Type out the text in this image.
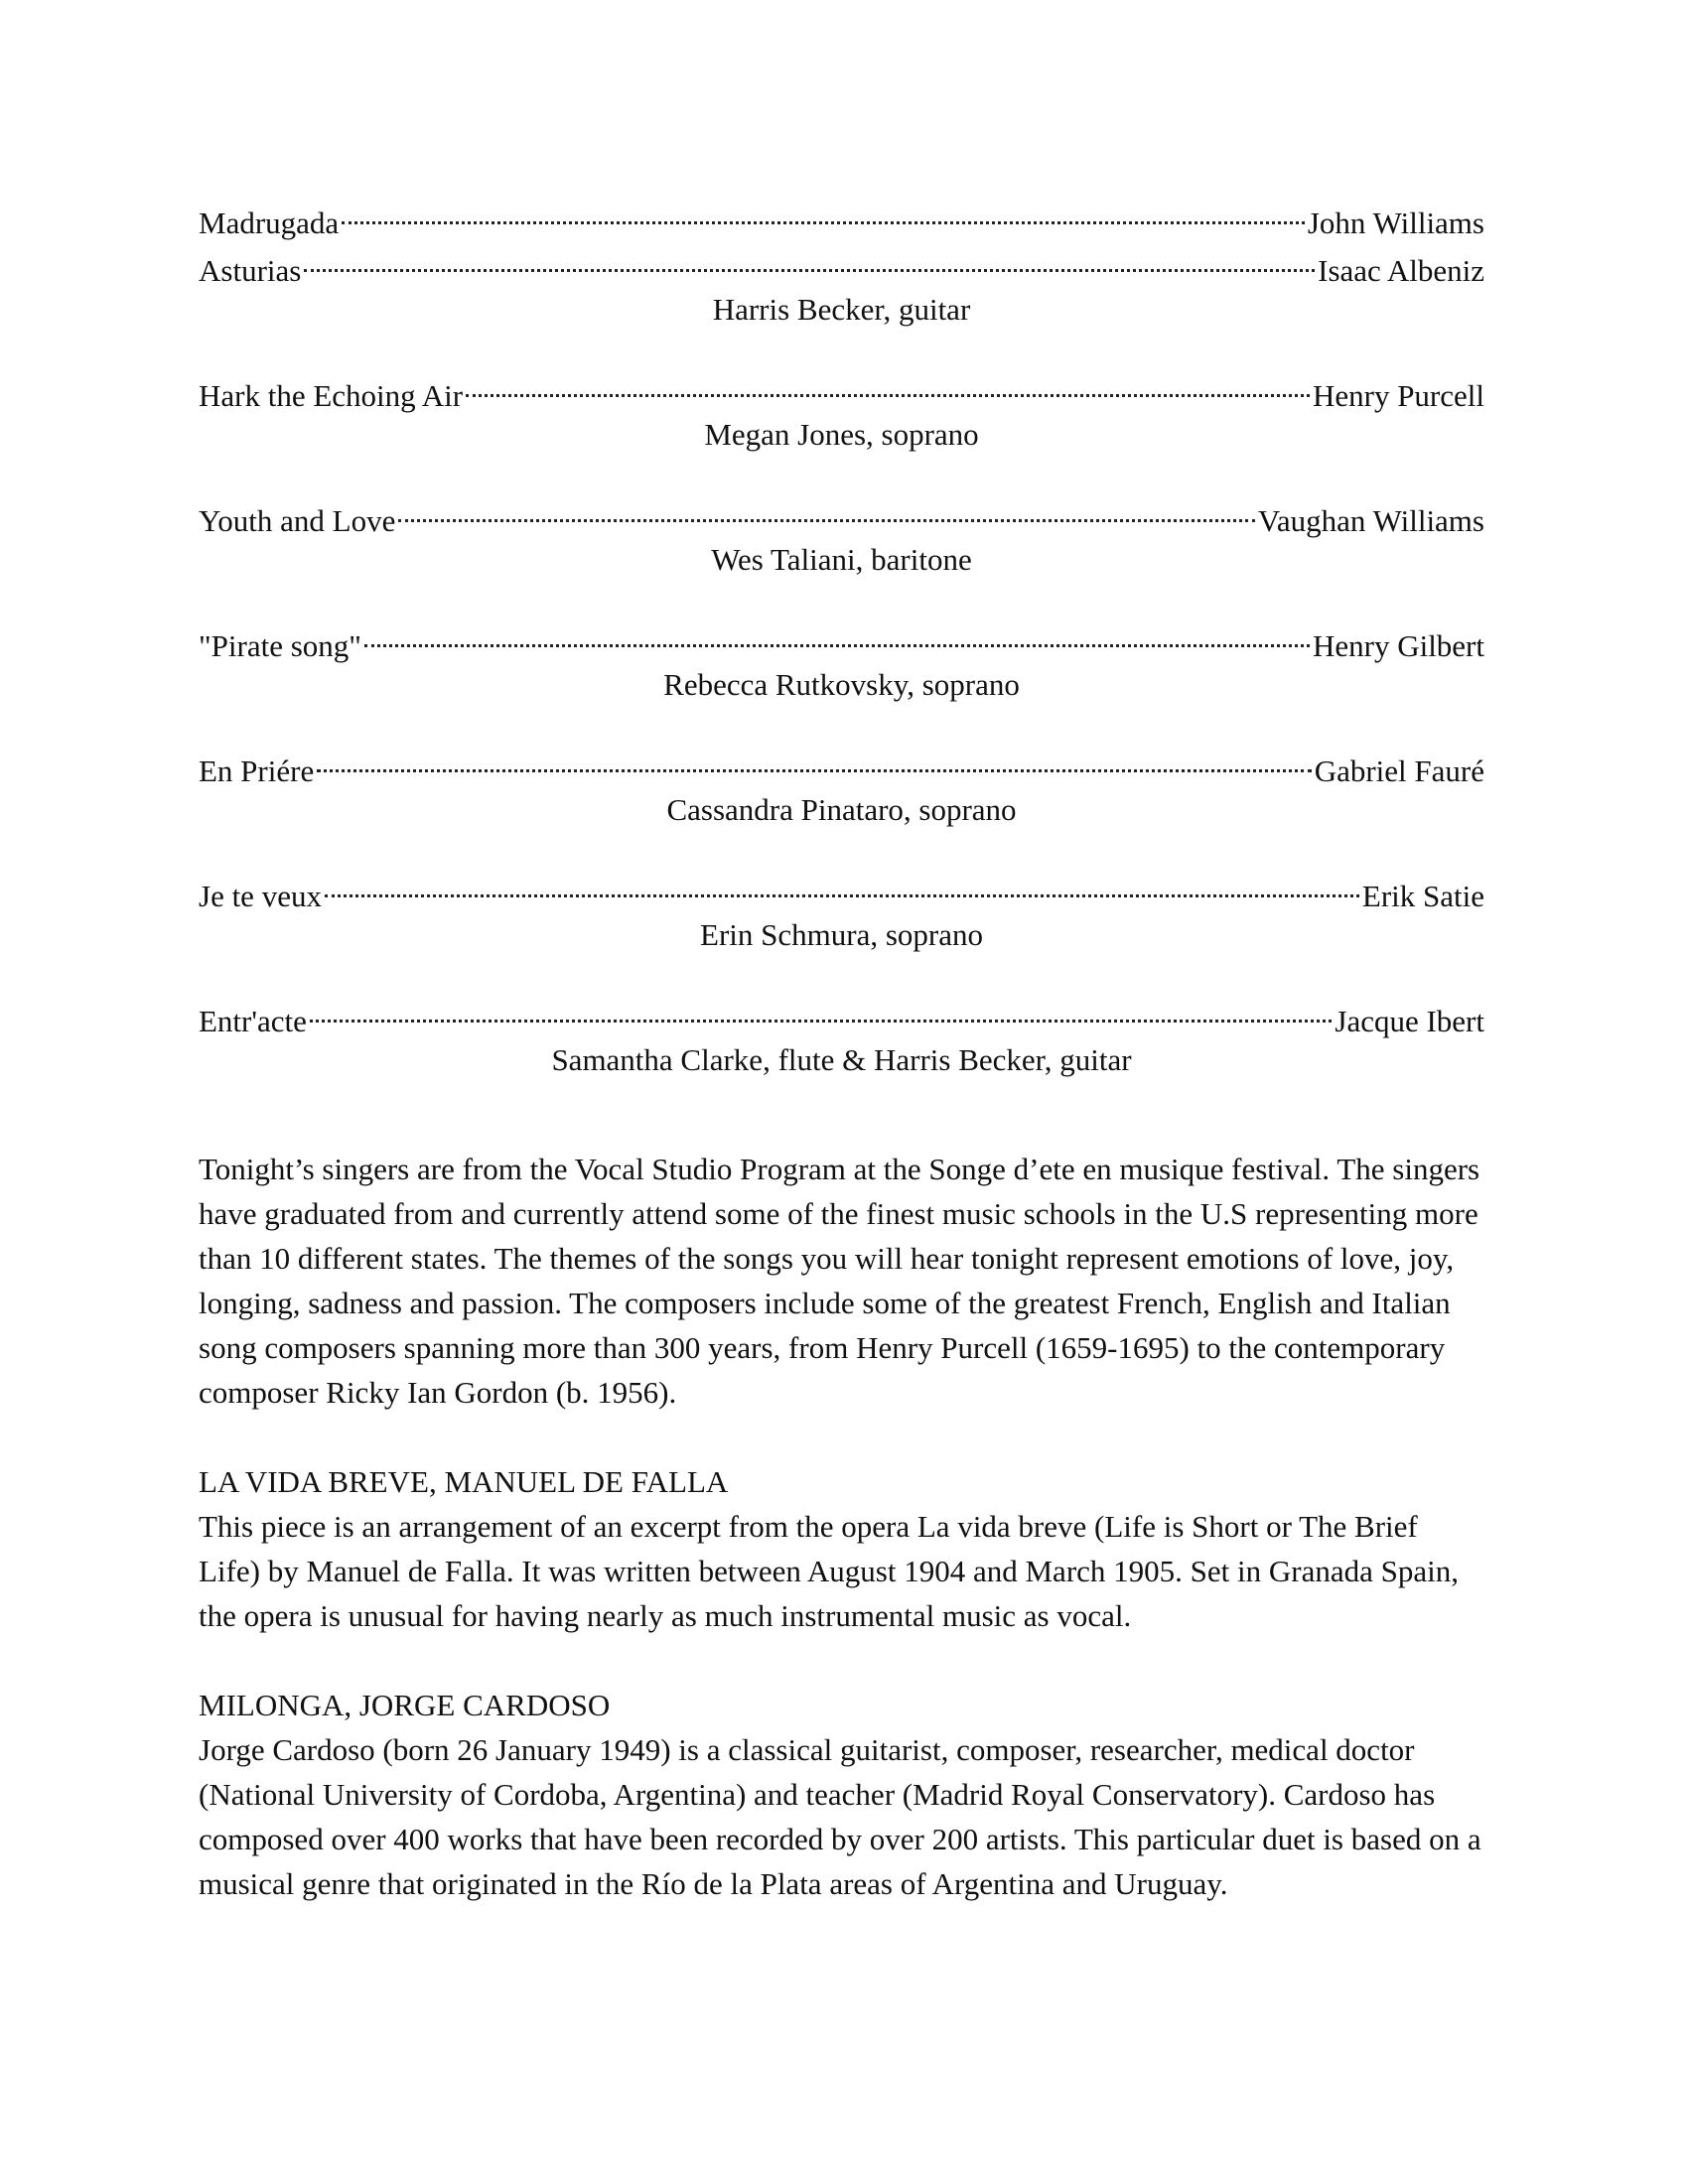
Madrugada	John Williams
Asturias	Isaac Albeniz
Harris Becker, guitar
Hark the Echoing Air	Henry Purcell
Megan Jones, soprano
Youth and Love	Vaughan Williams
Wes Taliani, baritone
"Pirate song"	Henry Gilbert
Rebecca Rutkovsky, soprano
En Priére	Gabriel Fauré
Cassandra Pinataro, soprano
Je te veux	Erik Satie
Erin Schmura, soprano
Entr'acte	Jacque Ibert
Samantha Clarke, flute & Harris Becker, guitar

Tonight’s singers are from the Vocal Studio Program at the Songe d’ete en musique festival. The singers have graduated from and currently attend some of the finest music schools in the U.S representing more than 10 different states. The themes of the songs you will hear tonight represent emotions of love, joy, longing, sadness and passion. The composers include some of the greatest French, English and Italian song composers spanning more than 300 years, from Henry Purcell (1659-1695) to the contemporary composer Ricky Ian Gordon (b. 1956).

LA VIDA BREVE, MANUEL DE FALLA

This piece is an arrangement of an excerpt from the opera La vida breve (Life is Short or The Brief Life) by Manuel de Falla. It was written between August 1904 and March 1905. Set in Granada Spain, the opera is unusual for having nearly as much instrumental music as vocal.

MILONGA, JORGE CARDOSO

Jorge Cardoso (born 26 January 1949) is a classical guitarist, composer, researcher, medical doctor (National University of Cordoba, Argentina) and teacher (Madrid Royal Conservatory). Cardoso has composed over 400 works that have been recorded by over 200 artists. This particular duet is based on a musical genre that originated in the Río de la Plata areas of Argentina and Uruguay.
